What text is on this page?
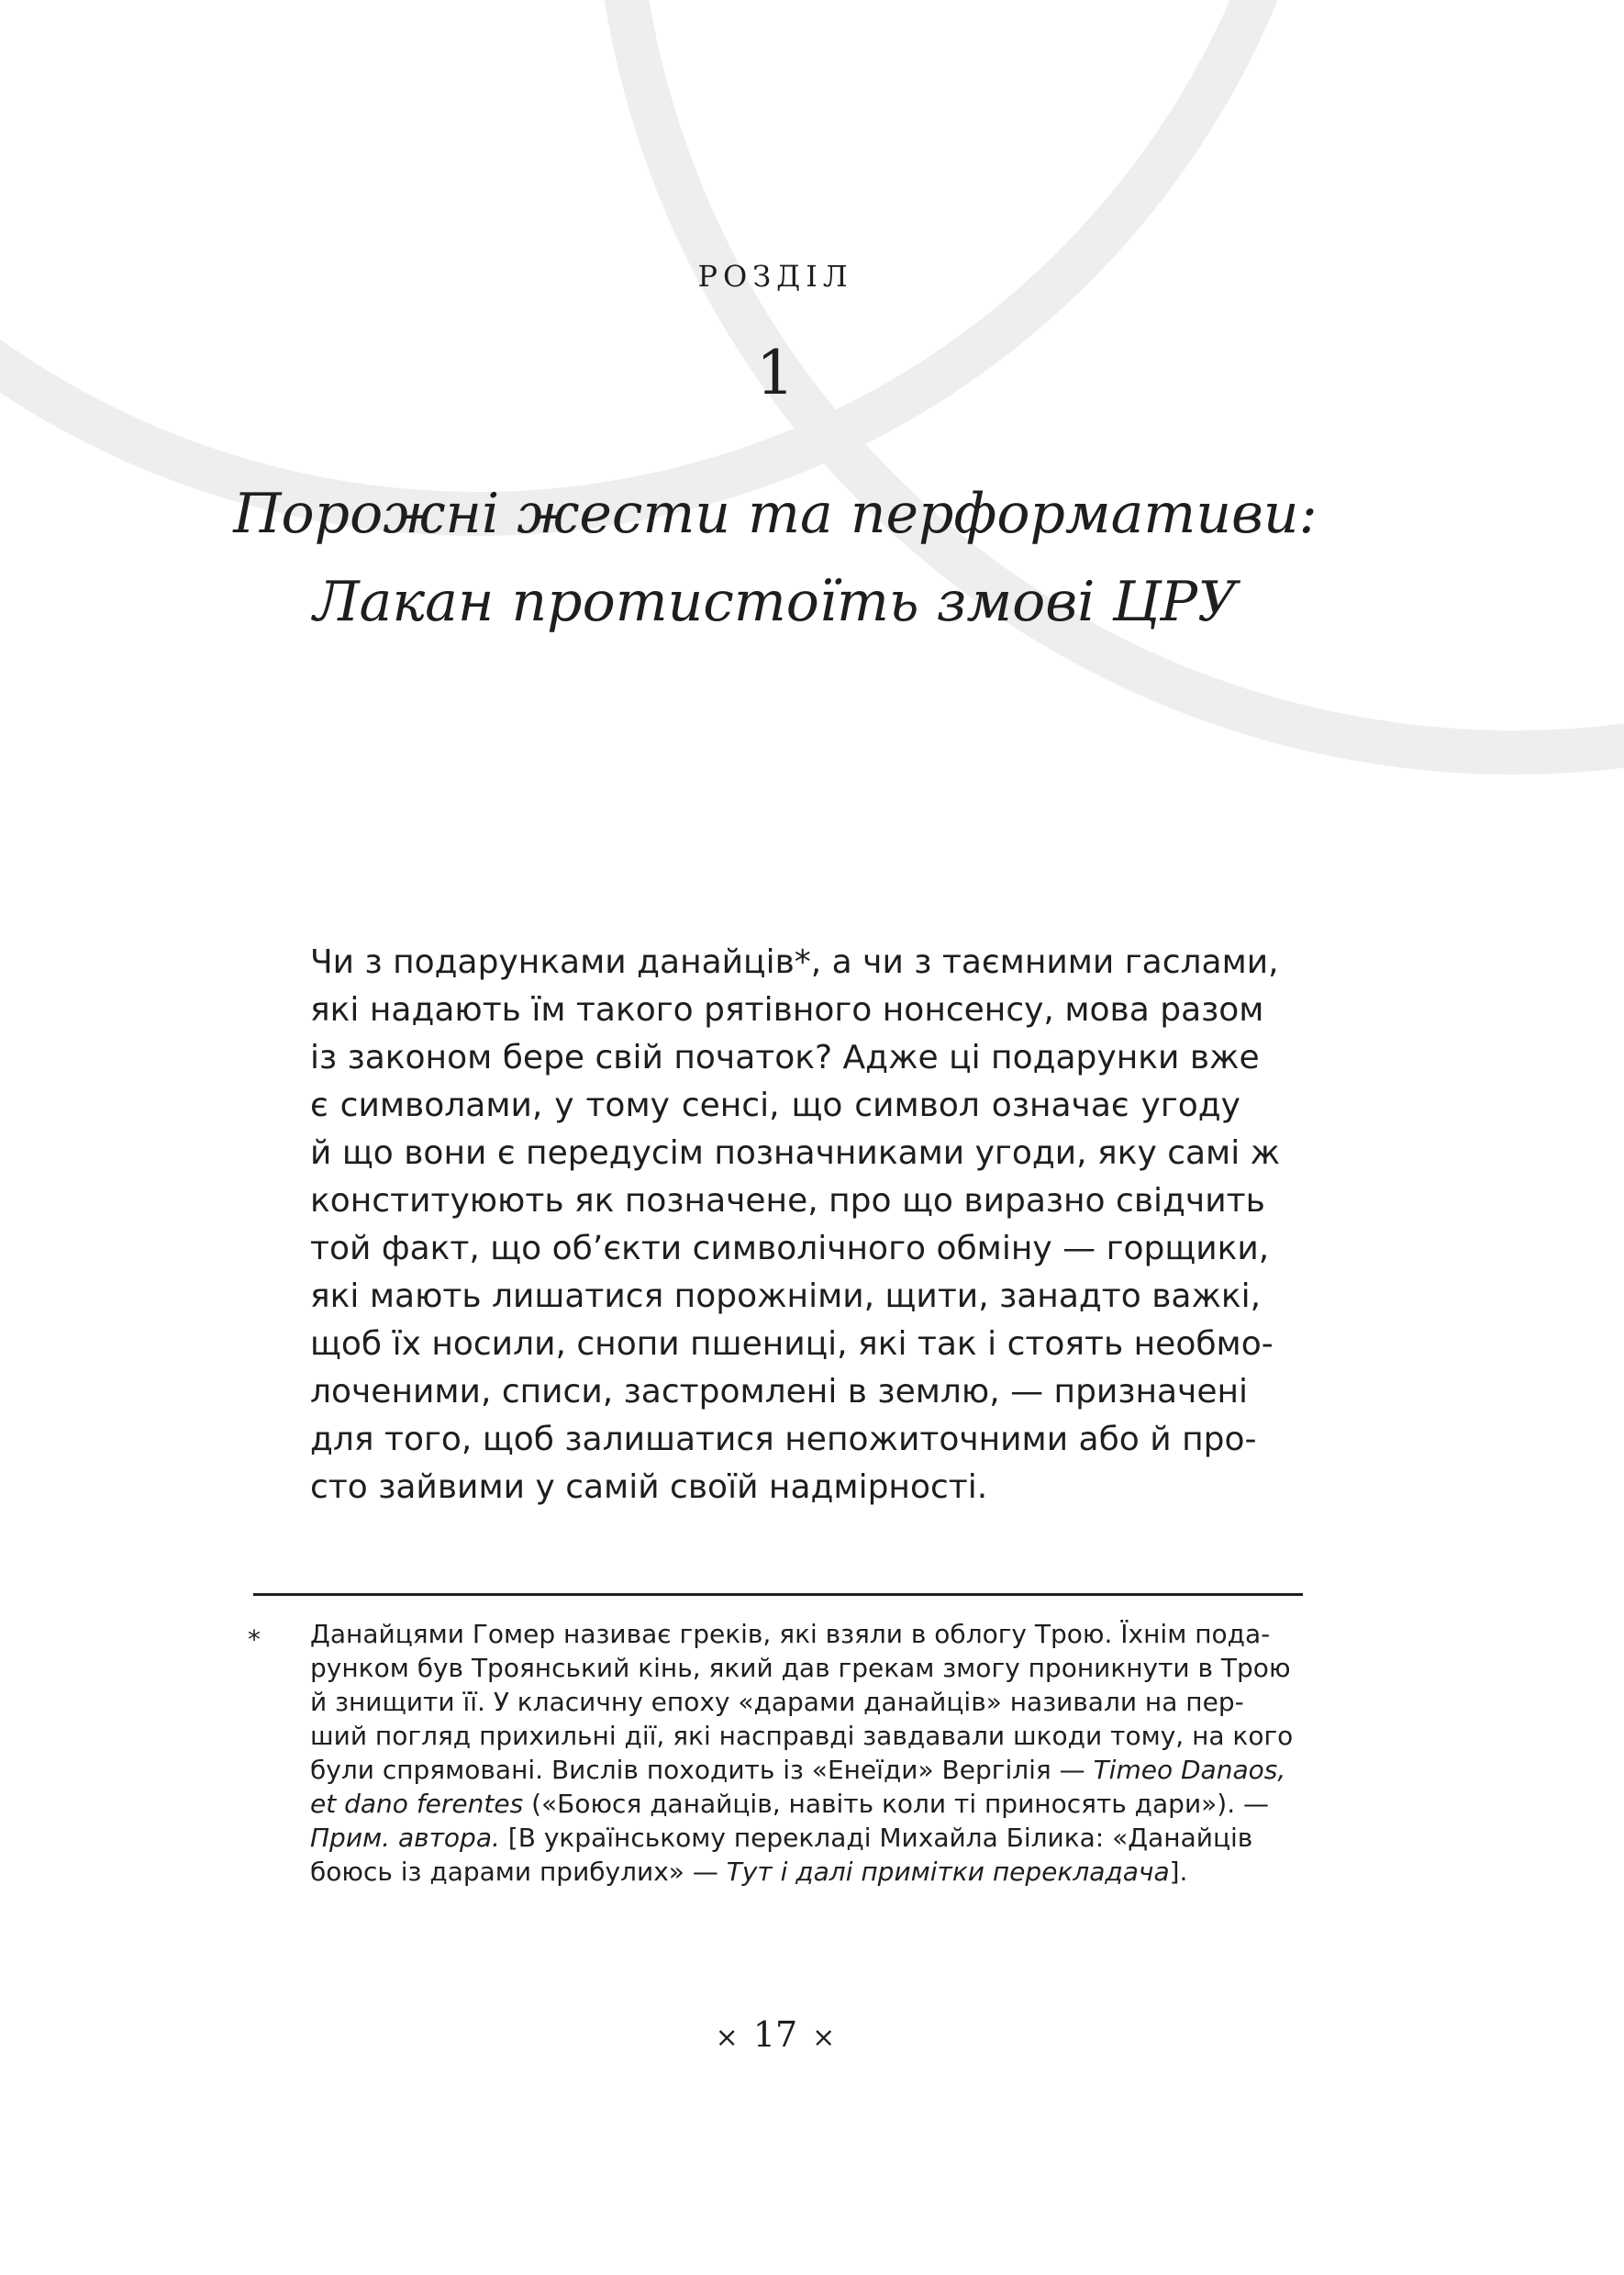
РОЗДІЛ
1
Порожні жести та перформативи:
Лакан протистоїть змові ЦРУ
Чи з подарунками данайців*, а чи з таємними гаслами,
які надають їм такого рятівного нонсенсу, мова разом
із законом бере свій початок? Адже ці подарунки вже
є символами, у тому сенсі, що символ означає угоду
й що вони є передусім позначниками угоди, яку самі ж
конституюють як позначене, про що виразно свідчить
той факт, що об’єкти символічного обміну — горщики,
які мають лишатися порожніми, щити, занадто важкі,
щоб їх носили, снопи пшениці, які так і стоять необмо-
лоченими, списи, застромлені в землю, — призначені
для того, щоб залишатися непожиточними або й про-
сто зайвими у самій своїй надмірності.
* Данайцями Гомер називає греків, які взяли в облогу Трою. Їхнім пода-
рунком був Троянський кінь, який дав грекам змогу проникнути в Трою
й знищити її. У класичну епоху «дарами данайців» називали на пер-
ший погляд прихильні дії, які насправді завдавали шкоди тому, на кого
були спрямовані. Вислів походить із «Енеїди» Вергілія — Timeo Danaos,
et dano ferentes («Боюся данайців, навіть коли ті приносять дари»). —
Прим. автора. [В українському перекладі Михайла Білика: «Данайців
боюсь із дарами прибулих» — Тут і далі примітки перекладача].
× 17 ×
